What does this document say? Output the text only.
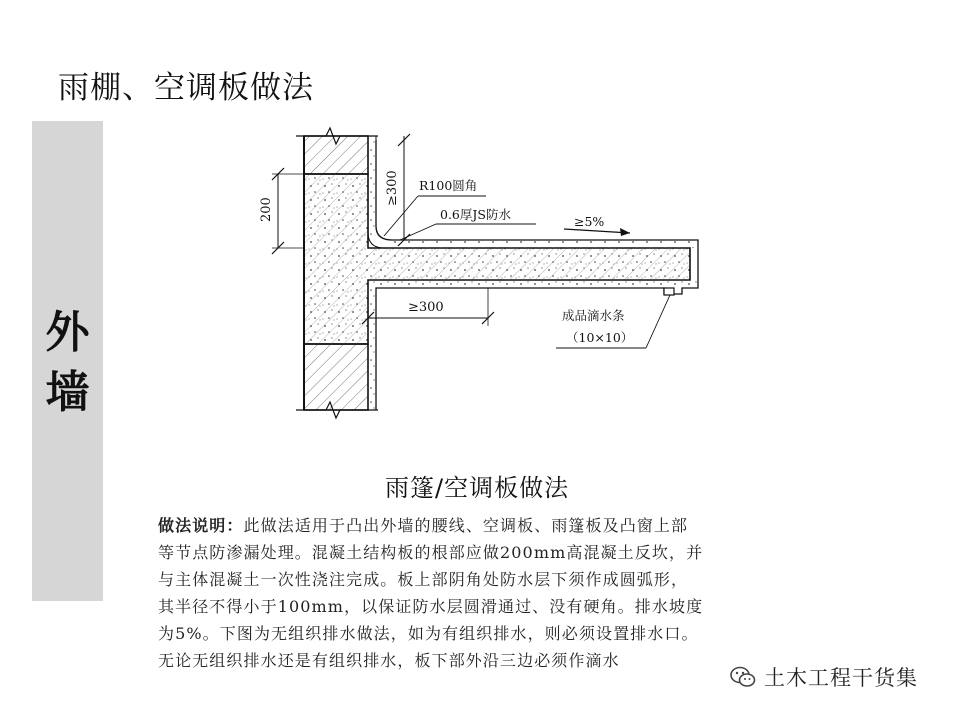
雨棚、空调板做法
外
墙
200
≥300
≥300
R100圆角
0.6厚JS防水	≥5%
成品滴水条
（10×10）
雨篷/空调板做法
做法说明：此做法适用于凸出外墙的腰线、空调板、雨篷板及凸窗上部
等节点防渗漏处理。混凝土结构板的根部应做200mm高混凝土反坎，并
与主体混凝土一次性浇注完成。板上部阴角处防水层下须作成圆弧形，
其半径不得小于100mm，以保证防水层圆滑通过、没有硬角。排水坡度
为5%。下图为无组织排水做法，如为有组织排水，则必须设置排水口。
无论无组织排水还是有组织排水，板下部外沿三边必须作滴水
土木工程干货集
